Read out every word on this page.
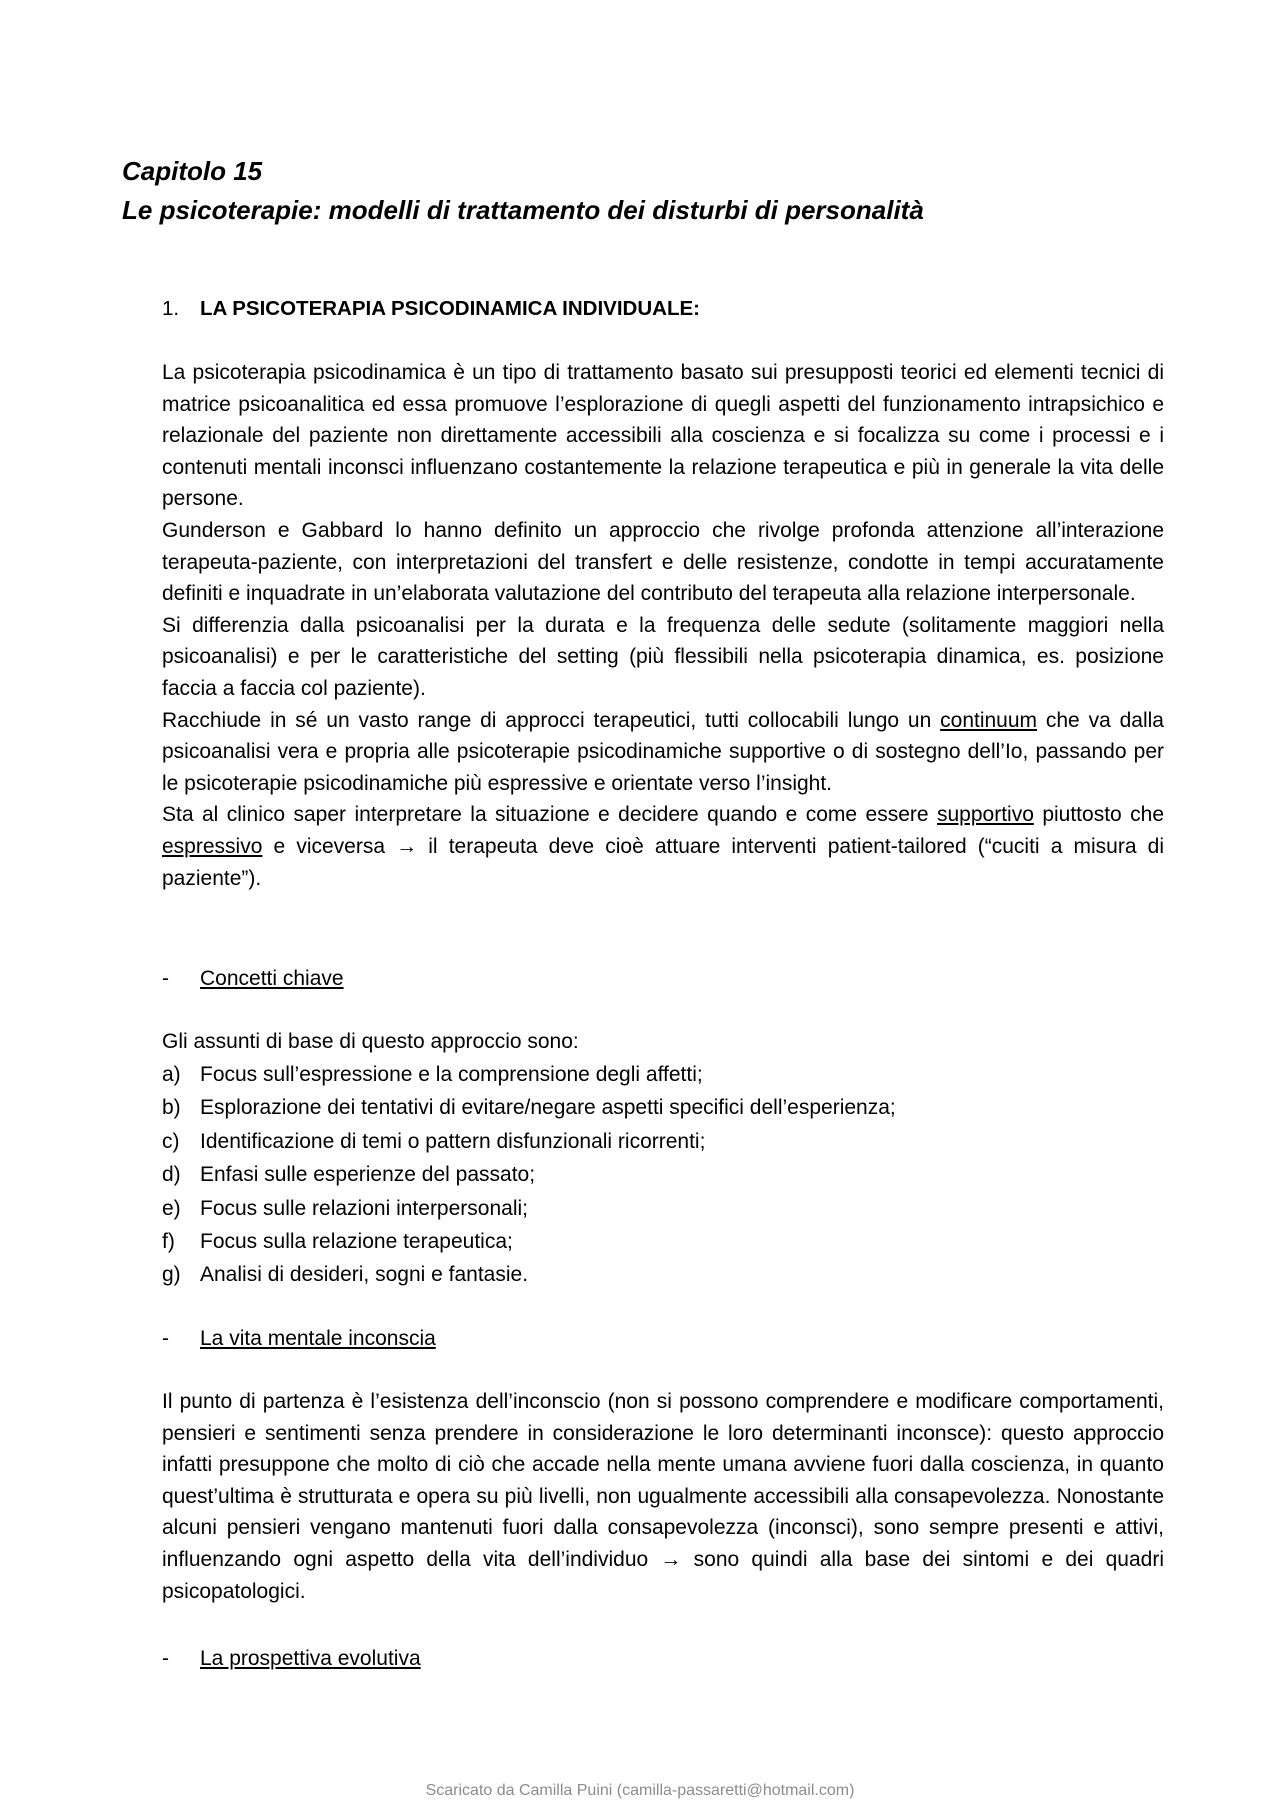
Capitolo 15
Le psicoterapie: modelli di trattamento dei disturbi di personalità
1. LA PSICOTERAPIA PSICODINAMICA INDIVIDUALE:

La psicoterapia psicodinamica è un tipo di trattamento basato sui presupposti teorici ed elementi tecnici di matrice psicoanalitica ed essa promuove l’esplorazione di quegli aspetti del funzionamento intrapsichico e relazionale del paziente non direttamente accessibili alla coscienza e si focalizza su come i processi e i contenuti mentali inconsci influenzano costantemente la relazione terapeutica e più in generale la vita delle persone.

Gunderson e Gabbard lo hanno definito un approccio che rivolge profonda attenzione all’interazione terapeuta-paziente, con interpretazioni del transfert e delle resistenze, condotte in tempi accuratamente definiti e inquadrate in un’elaborata valutazione del contributo del terapeuta alla relazione interpersonale.

Si differenzia dalla psicoanalisi per la durata e la frequenza delle sedute (solitamente maggiori nella psicoanalisi) e per le caratteristiche del setting (più flessibili nella psicoterapia dinamica, es. posizione faccia a faccia col paziente).

Racchiude in sé un vasto range di approcci terapeutici, tutti collocabili lungo un continuum che va dalla psicoanalisi vera e propria alle psicoterapie psicodinamiche supportive o di sostegno dell’Io, passando per le psicoterapie psicodinamiche più espressive e orientate verso l’insight.

Sta al clinico saper interpretare la situazione e decidere quando e come essere supportivo piuttosto che espressivo e viceversa → il terapeuta deve cioè attuare interventi patient-tailored (“cuciti a misura di paziente”).

- Concetti chiave
Gli assunti di base di questo approccio sono:
a) Focus sull’espressione e la comprensione degli affetti;
b) Esplorazione dei tentativi di evitare/negare aspetti specifici dell’esperienza;
c) Identificazione di temi o pattern disfunzionali ricorrenti;
d) Enfasi sulle esperienze del passato;
e) Focus sulle relazioni interpersonali;
f) Focus sulla relazione terapeutica;
g) Analisi di desideri, sogni e fantasie.
- La vita mentale inconscia

Il punto di partenza è l’esistenza dell’inconscio (non si possono comprendere e modificare comportamenti, pensieri e sentimenti senza prendere in considerazione le loro determinanti inconsce): questo approccio infatti presuppone che molto di ciò che accade nella mente umana avviene fuori dalla coscienza, in quanto quest’ultima è strutturata e opera su più livelli, non ugualmente accessibili alla consapevolezza. Nonostante alcuni pensieri vengano mantenuti fuori dalla consapevolezza (inconsci), sono sempre presenti e attivi, influenzando ogni aspetto della vita dell’individuo → sono quindi alla base dei sintomi e dei quadri psicopatologici.

- La prospettiva evolutiva
Scaricato da Camilla Puini (camilla-passaretti@hotmail.com)
